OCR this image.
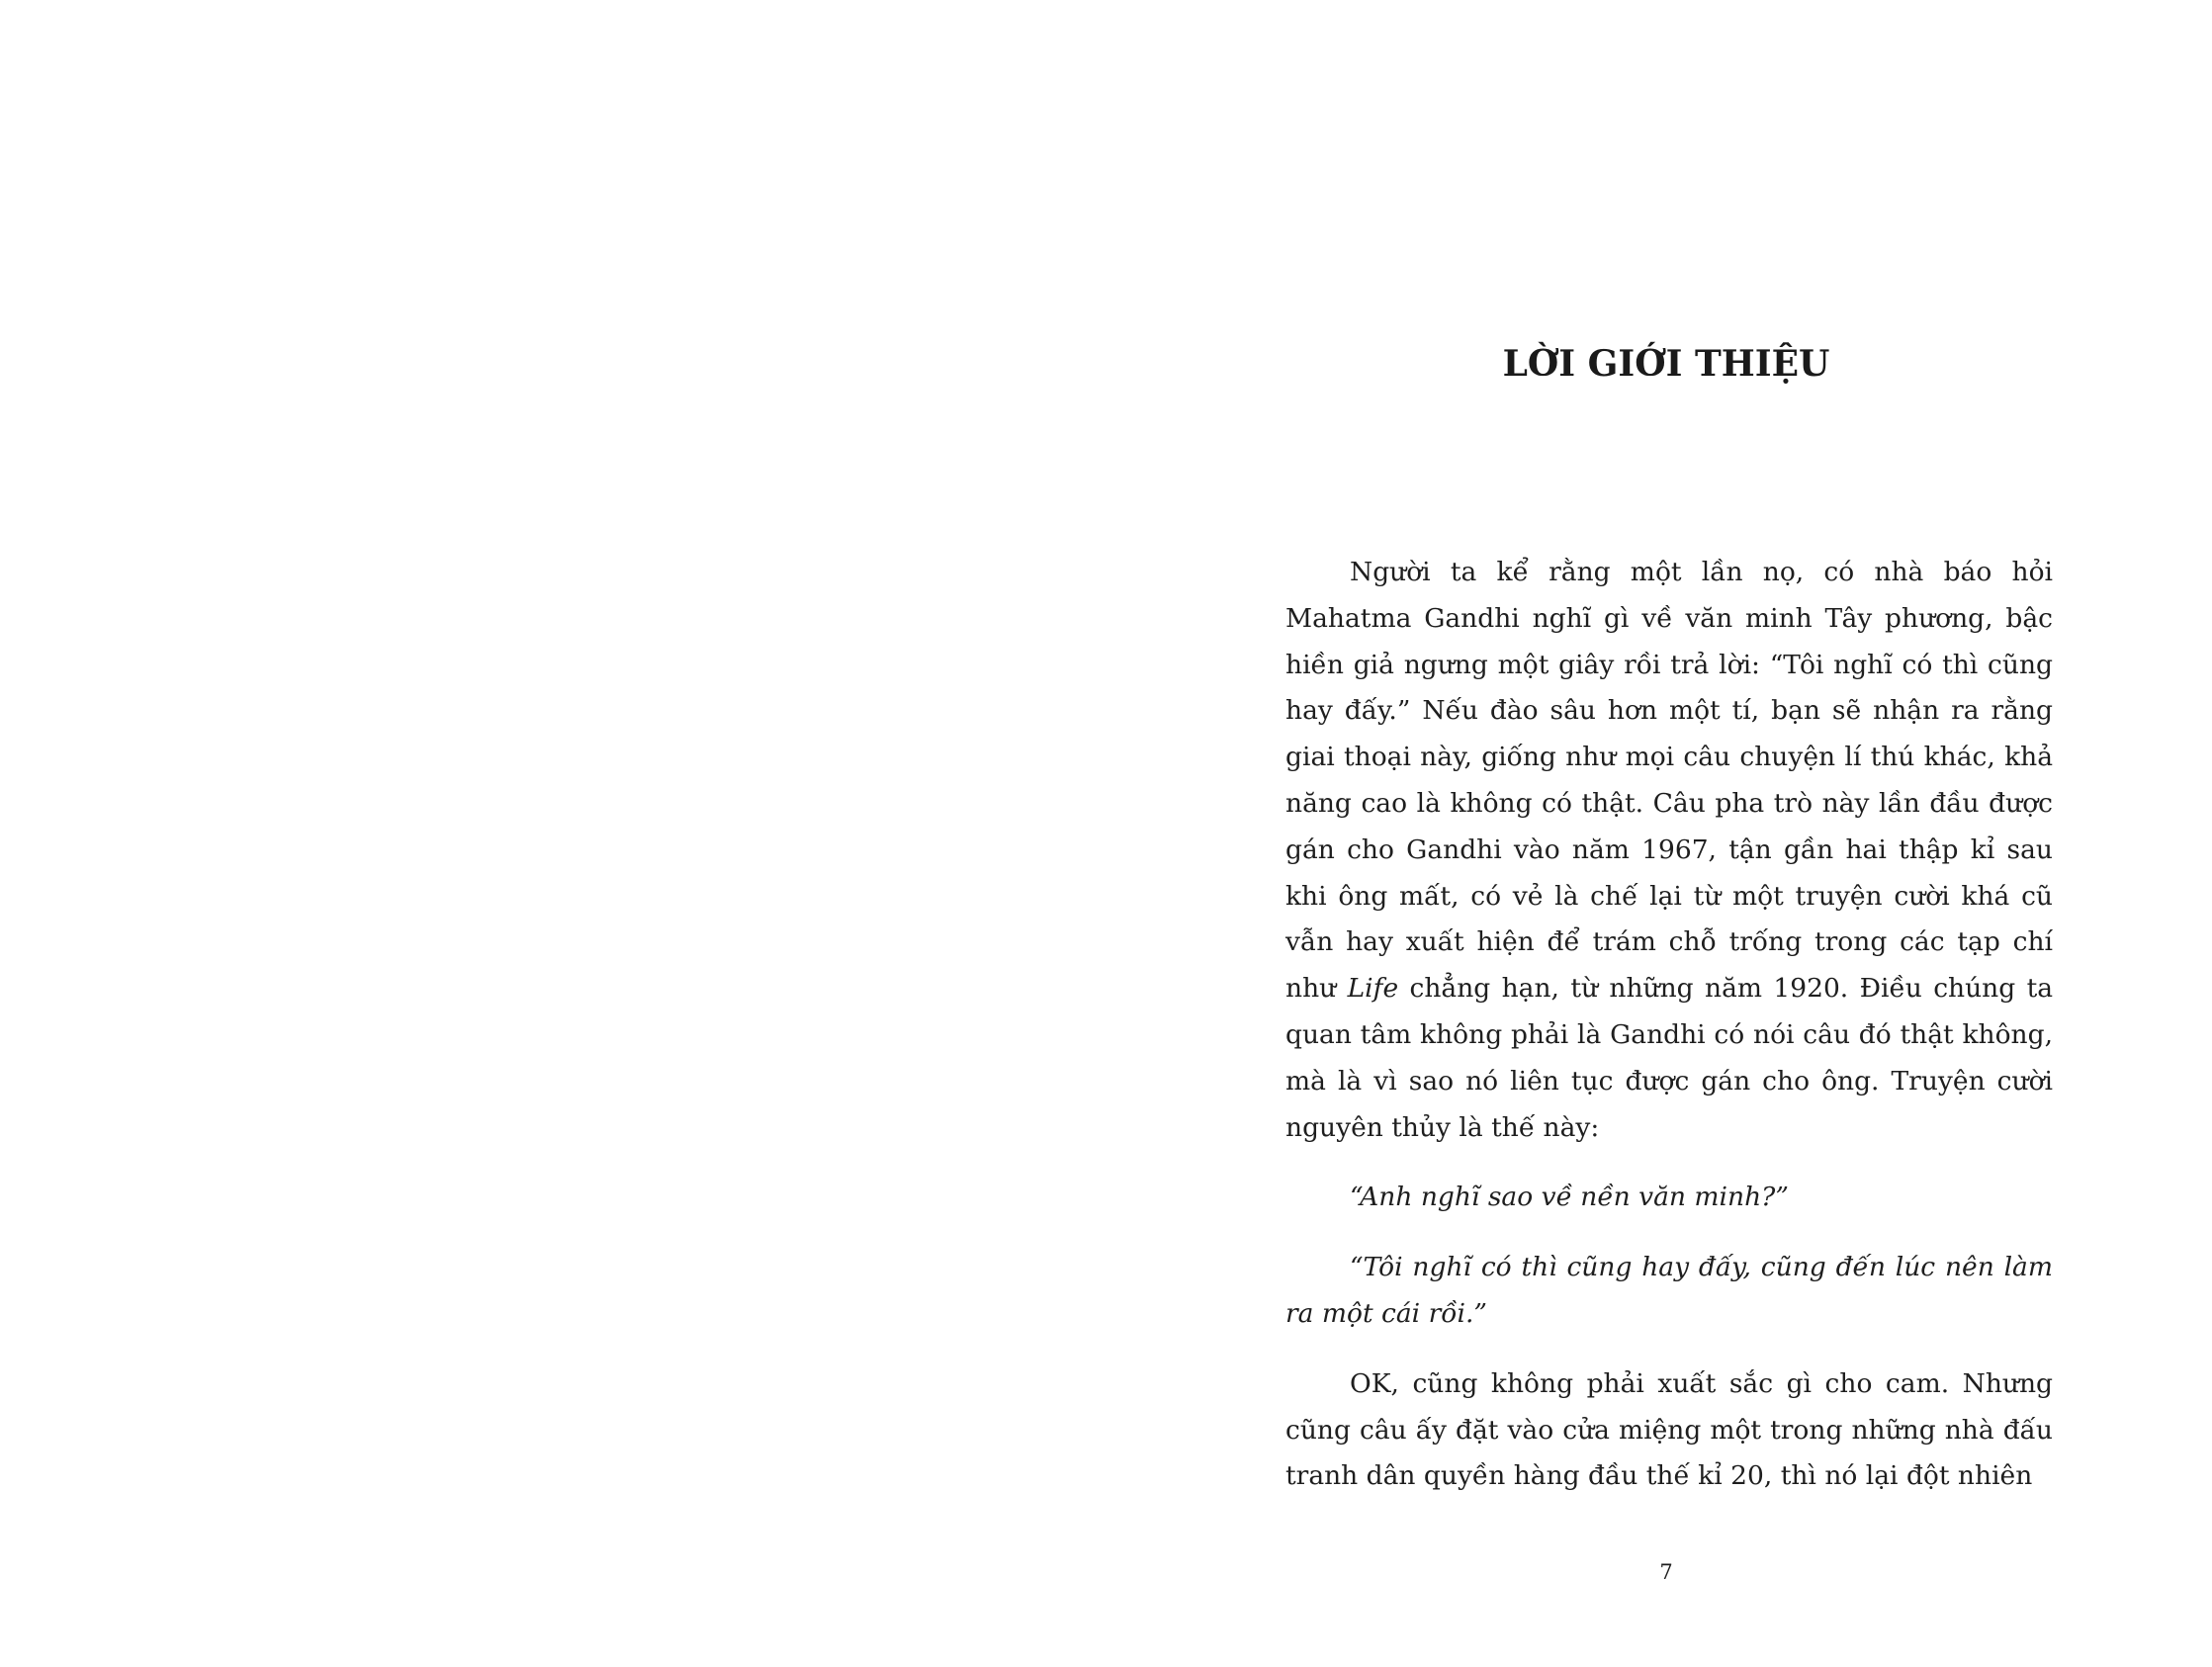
LỜI GIỚI THIỆU

Người ta kể rằng một lần nọ, có nhà báo hỏi Mahatma Gandhi nghĩ gì về văn minh Tây phương, bậc hiền giả ngưng một giây rồi trả lời: “Tôi nghĩ có thì cũng hay đấy.” Nếu đào sâu hơn một tí, bạn sẽ nhận ra rằng giai thoại này, giống như mọi câu chuyện lí thú khác, khả năng cao là không có thật. Câu pha trò này lần đầu được gán cho Gandhi vào năm 1967, tận gần hai thập kỉ sau khi ông mất, có vẻ là chế lại từ một truyện cười khá cũ vẫn hay xuất hiện để trám chỗ trống trong các tạp chí như Life chẳng hạn, từ những năm 1920. Điều chúng ta quan tâm không phải là Gandhi có nói câu đó thật không, mà là vì sao nó liên tục được gán cho ông. Truyện cười nguyên thủy là thế này:

“Anh nghĩ sao về nền văn minh?”

“Tôi nghĩ có thì cũng hay đấy, cũng đến lúc nên làm ra một cái rồi.”

OK, cũng không phải xuất sắc gì cho cam. Nhưng cũng câu ấy đặt vào cửa miệng một trong những nhà đấu tranh dân quyền hàng đầu thế kỉ 20, thì nó lại đột nhiên

7
